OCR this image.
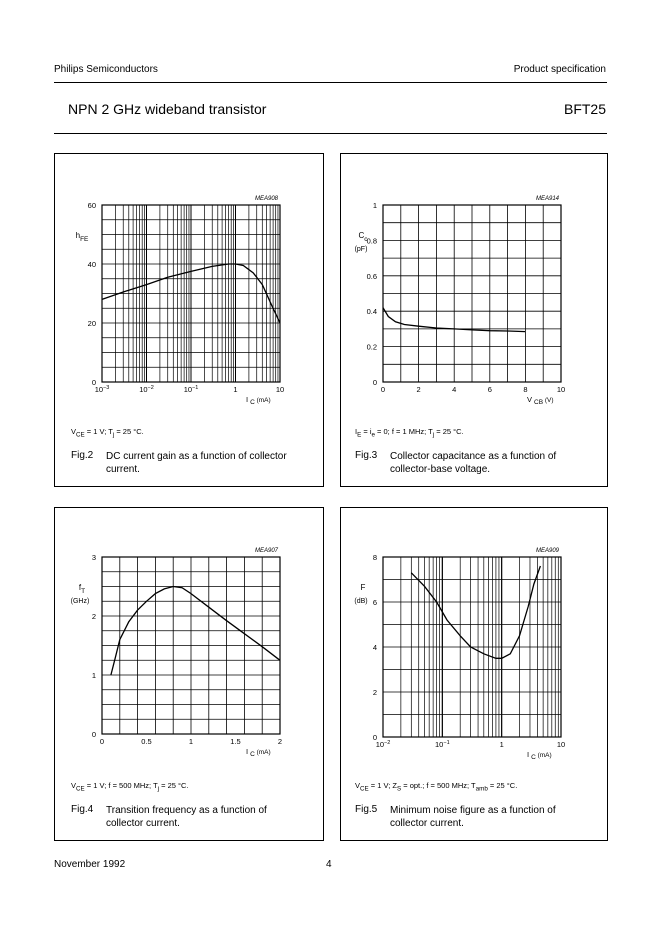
Philips Semiconductors	Product specification
NPN 2 GHz wideband transistor	BFT25
MEA908
60
40
20
0
$10^{-3}$	$10^{-2}$	$10^{-1}$	1	10
$h_{FE}$
I C (mA)
$V_{CE} = 1$ V; $T_j = 25$ °C.
Fig.2 DC current gain as a function of collector current.
MEA914
1
0.8
0.6
0.4
0.2
0
0	2	4	6	8	10
$C_c$
(pF)
V CB (V)
$I_E = i_e = 0$; f = 1 MHz; $T_j = 25$ °C.
Fig.3 Collector capacitance as a function of collector-base voltage.
MEA907
3
2
1
0
0	0.5	1	1.5	2
$f_T$
(GHz)
I C (mA)
$V_{CE} = 1$ V; f = 500 MHz; $T_j = 25$ °C.
Fig.4 Transition frequency as a function of collector current.
MEA909
8
6
4
2
0
$10^{-2}$	$10^{-1}$	1	10
F
(dB)
I C (mA)
$V_{CE} = 1$ V; $Z_S$ = opt.; f = 500 MHz; $T_{amb} = 25$ °C.
Fig.5 Minimum noise figure as a function of collector current.
November 1992	4
